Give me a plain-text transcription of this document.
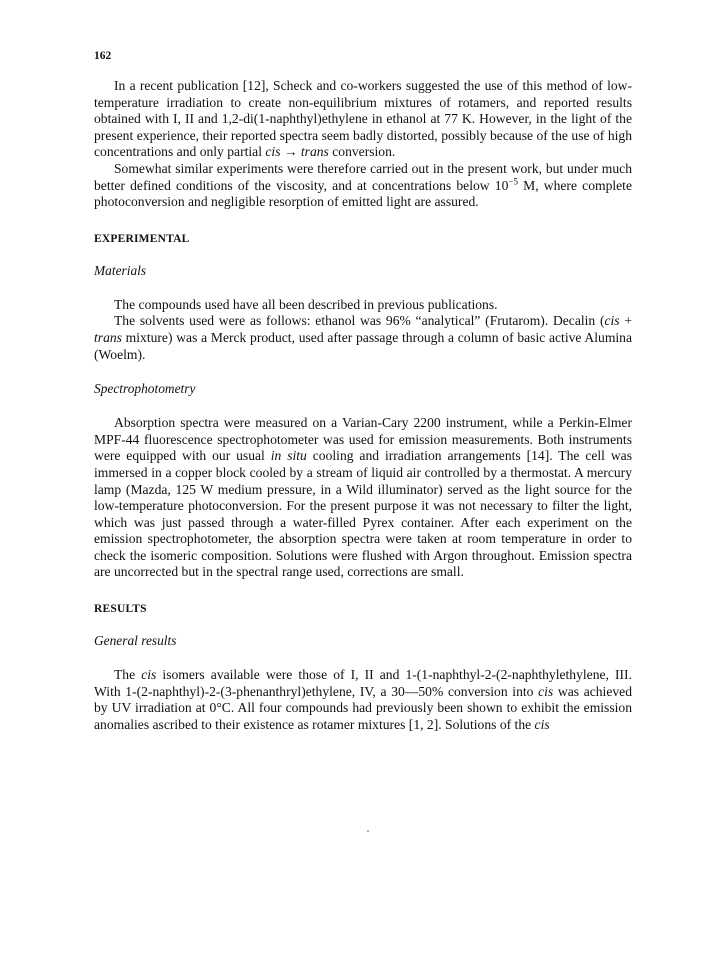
162

In a recent publication [12], Scheck and co-workers suggested the use of this method of low-temperature irradiation to create non-equilibrium mixtures of rotamers, and reported results obtained with I, II and 1,2-di(1-naphthyl)ethylene in ethanol at 77 K. However, in the light of the present experience, their reported spectra seem badly distorted, possibly because of the use of high concentrations and only partial cis → trans conversion.

Somewhat similar experiments were therefore carried out in the present work, but under much better defined conditions of the viscosity, and at concentrations below $10^{-5}$ M, where complete photoconversion and negligible resorption of emitted light are assured.

EXPERIMENTAL
Materials

The compounds used have all been described in previous publications.

The solvents used were as follows: ethanol was 96% “analytical” (Frutarom). Decalin (cis + trans mixture) was a Merck product, used after passage through a column of basic active Alumina (Woelm).

Spectrophotometry

Absorption spectra were measured on a Varian-Cary 2200 instrument, while a Perkin-Elmer MPF-44 fluorescence spectrophotometer was used for emission measurements. Both instruments were equipped with our usual in situ cooling and irradiation arrangements [14]. The cell was immersed in a copper block cooled by a stream of liquid air controlled by a thermostat. A mercury lamp (Mazda, 125 W medium pressure, in a Wild illuminator) served as the light source for the low-temperature photoconversion. For the present purpose it was not necessary to filter the light, which was just passed through a water-filled Pyrex container. After each experiment on the emission spectrophotometer, the absorption spectra were taken at room temperature in order to check the isomeric composition. Solutions were flushed with Argon throughout. Emission spectra are uncorrected but in the spectral range used, corrections are small.

RESULTS
General results

The cis isomers available were those of I, II and 1-(1-naphthyl-2-(2-naphthylethylene, III. With 1-(2-naphthyl)-2-(3-phenanthryl)ethylene, IV, a 30—50% conversion into cis was achieved by UV irradiation at 0°C. All four compounds had previously been shown to exhibit the emission anomalies ascribed to their existence as rotamer mixtures [1, 2]. Solutions of the cis
